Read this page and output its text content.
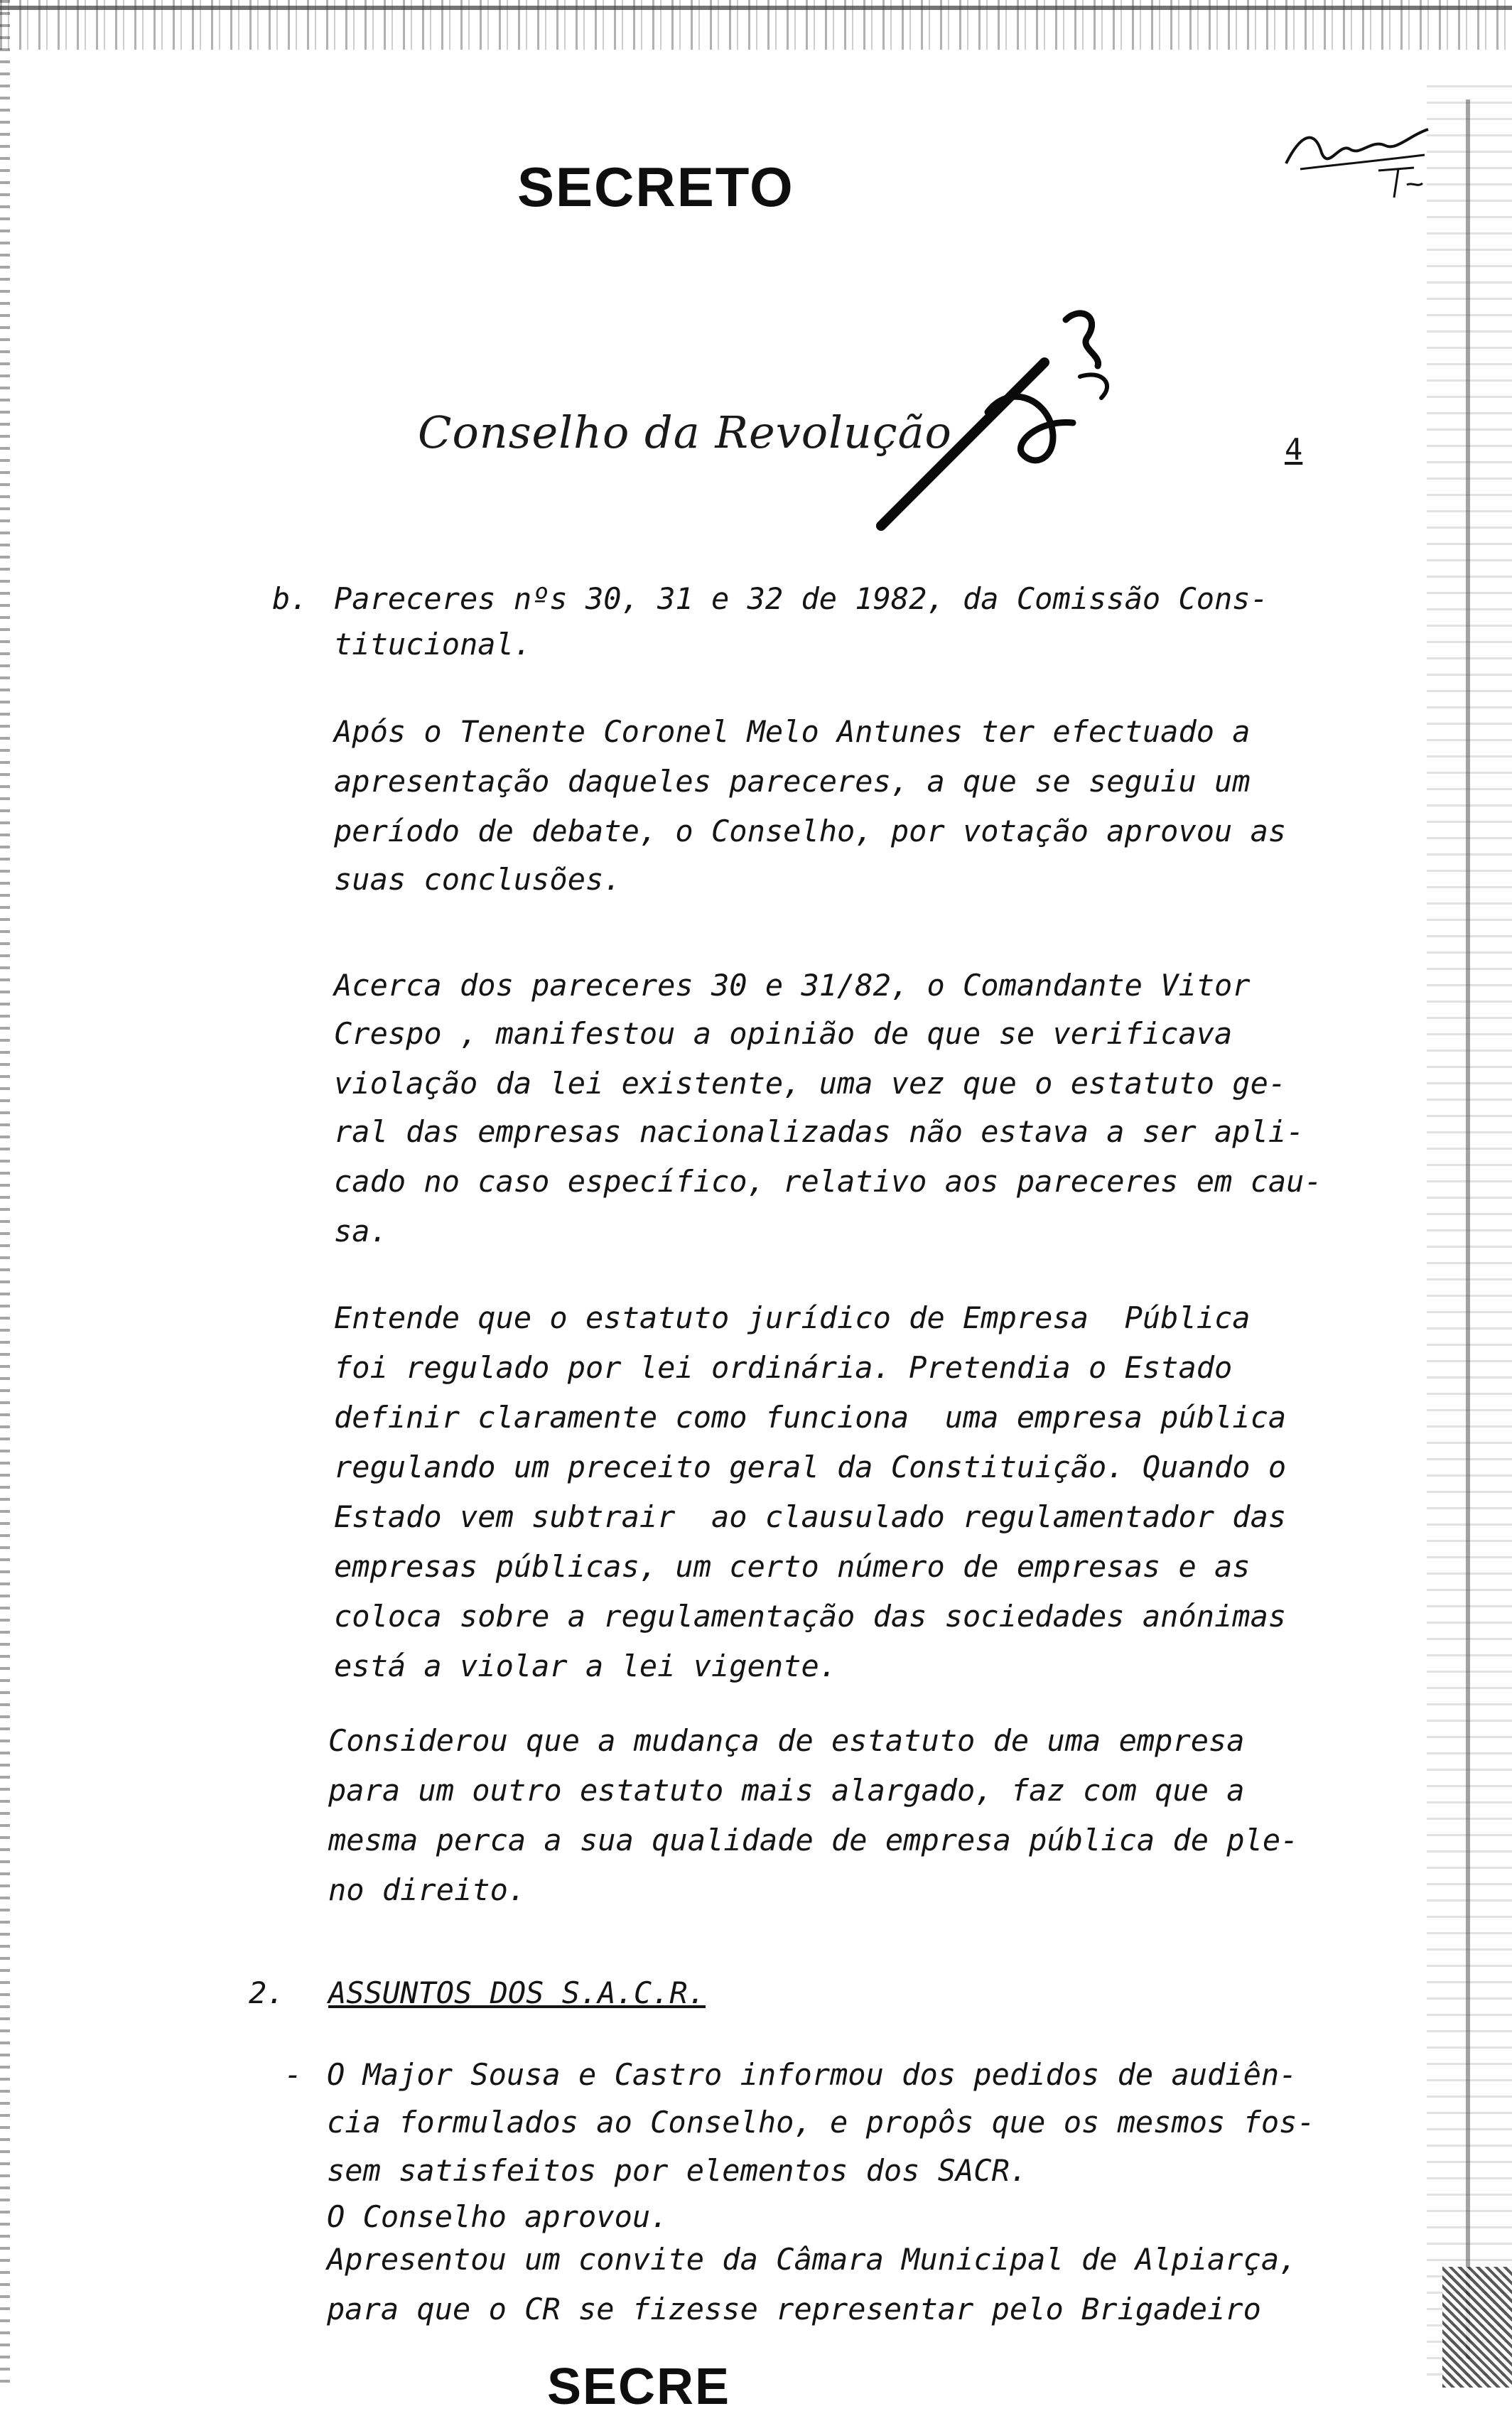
SECRETO
Conselho da Revolução	4
b. Pareceres nºs 30, 31 e 32 de 1982, da Comissão Cons-
titucional.
Após o Tenente Coronel Melo Antunes ter efectuado a
apresentação daqueles pareceres, a que se seguiu um
período de debate, o Conselho, por votação aprovou as
suas conclusões.
Acerca dos pareceres 30 e 31/82, o Comandante Vitor
Crespo , manifestou a opinião de que se verificava
violação da lei existente, uma vez que o estatuto ge-
ral das empresas nacionalizadas não estava a ser apli-
cado no caso específico, relativo aos pareceres em cau-
sa.
Entende que o estatuto jurídico de Empresa  Pública
foi regulado por lei ordinária. Pretendia o Estado
definir claramente como funciona  uma empresa pública
regulando um preceito geral da Constituição. Quando o
Estado vem subtrair  ao clausulado regulamentador das
empresas públicas, um certo número de empresas e as
coloca sobre a regulamentação das sociedades anónimas
está a violar a lei vigente.
Considerou que a mudança de estatuto de uma empresa
para um outro estatuto mais alargado, faz com que a
mesma perca a sua qualidade de empresa pública de ple-
no direito.
2. ASSUNTOS DOS S.A.C.R.
- O Major Sousa e Castro informou dos pedidos de audiên-
cia formulados ao Conselho, e propôs que os mesmos fos-
sem satisfeitos por elementos dos SACR.
O Conselho aprovou.
Apresentou um convite da Câmara Municipal de Alpiarça,
para que o CR se fizesse representar pelo Brigadeiro
SECRE
